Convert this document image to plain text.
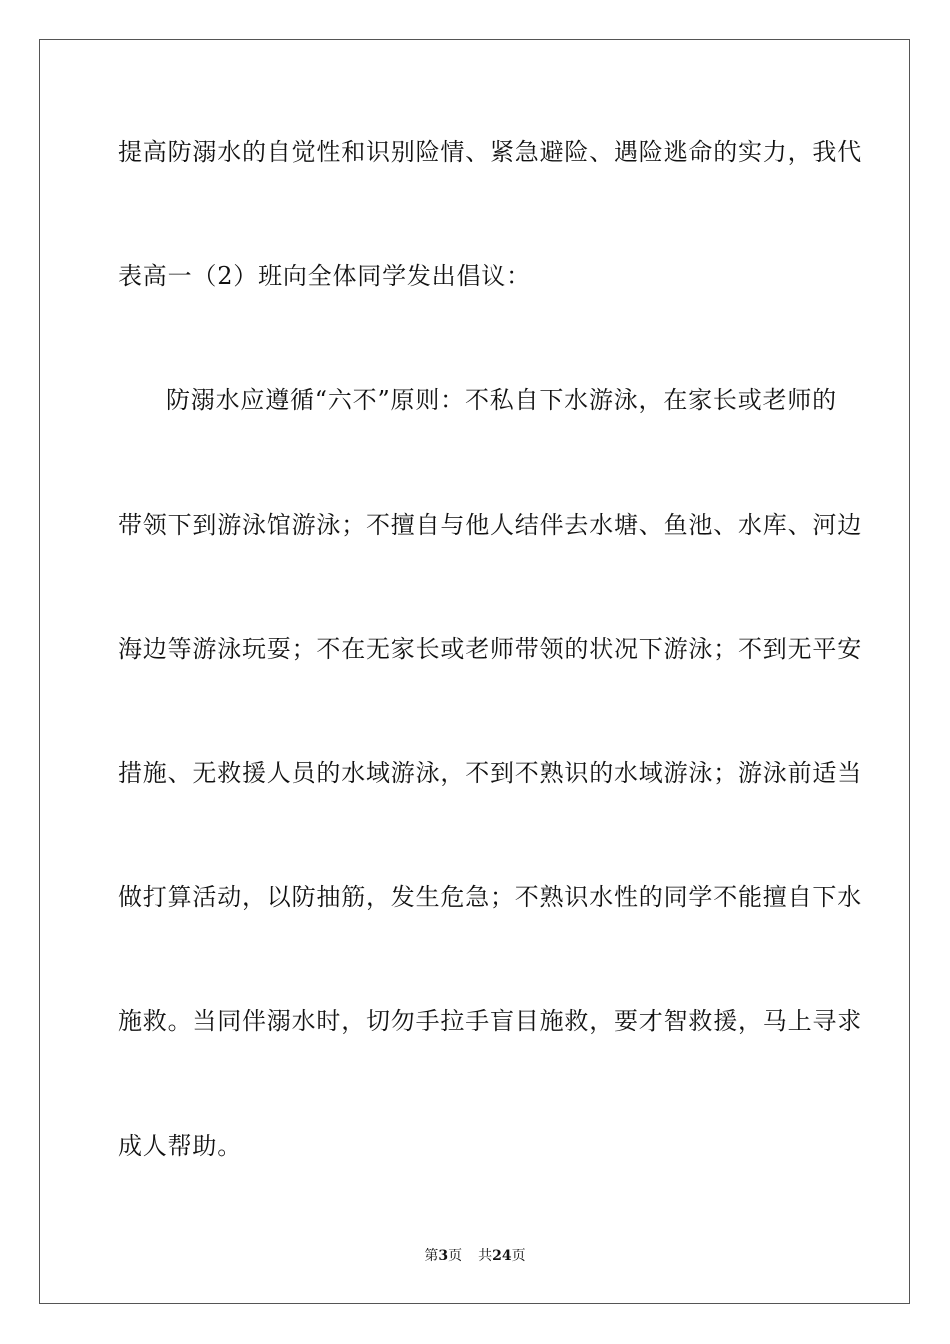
提高防溺水的自觉性和识别险情、紧急避险、遇险逃命的实力，我代
表高一（2）班向全体同学发出倡议：
防溺水应遵循“六不”原则：不私自下水游泳，在家长或老师的
带领下到游泳馆游泳；不擅自与他人结伴去水塘、鱼池、水库、河边
海边等游泳玩耍；不在无家长或老师带领的状况下游泳；不到无平安
措施、无救援人员的水域游泳，不到不熟识的水域游泳；游泳前适当
做打算活动，以防抽筋，发生危急；不熟识水性的同学不能擅自下水
施救。当同伴溺水时，切勿手拉手盲目施救，要才智救援，马上寻求
成人帮助。
第3页 共24页
